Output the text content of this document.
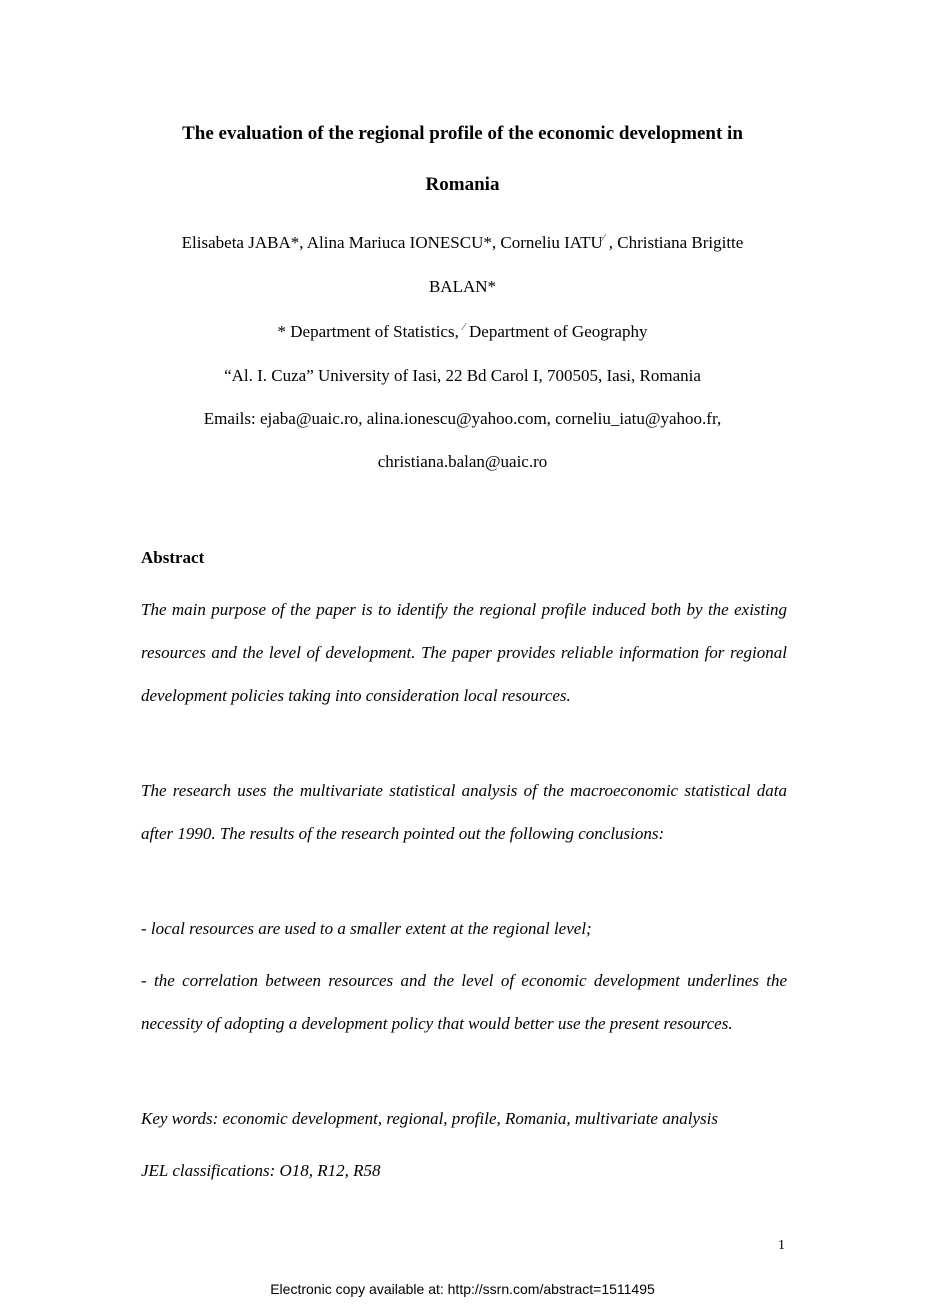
The evaluation of the regional profile of the economic development in
Romania
Elisabeta JABA*, Alina Mariuca IONESCU*, Corneliu IATU⁄ , Christiana Brigitte
BALAN*
* Department of Statistics, ⁄ Department of Geography
“Al. I. Cuza” University of Iasi, 22 Bd Carol I, 700505, Iasi, Romania
Emails: ejaba@uaic.ro, alina.ionescu@yahoo.com, corneliu_iatu@yahoo.fr,
christiana.balan@uaic.ro
Abstract

The main purpose of the paper is to identify the regional profile induced both by the existing resources and the level of development. The paper provides reliable information for regional development policies taking into consideration local resources.

The research uses the multivariate statistical analysis of the macroeconomic statistical data after 1990. The results of the research pointed out the following conclusions:

- local resources are used to a smaller extent at the regional level;

- the correlation between resources and the level of economic development underlines the necessity of adopting a development policy that would better use the present resources.

Key words: economic development, regional, profile, Romania, multivariate analysis

JEL classifications: O18, R12, R58

1
Electronic copy available at: http://ssrn.com/abstract=1511495
